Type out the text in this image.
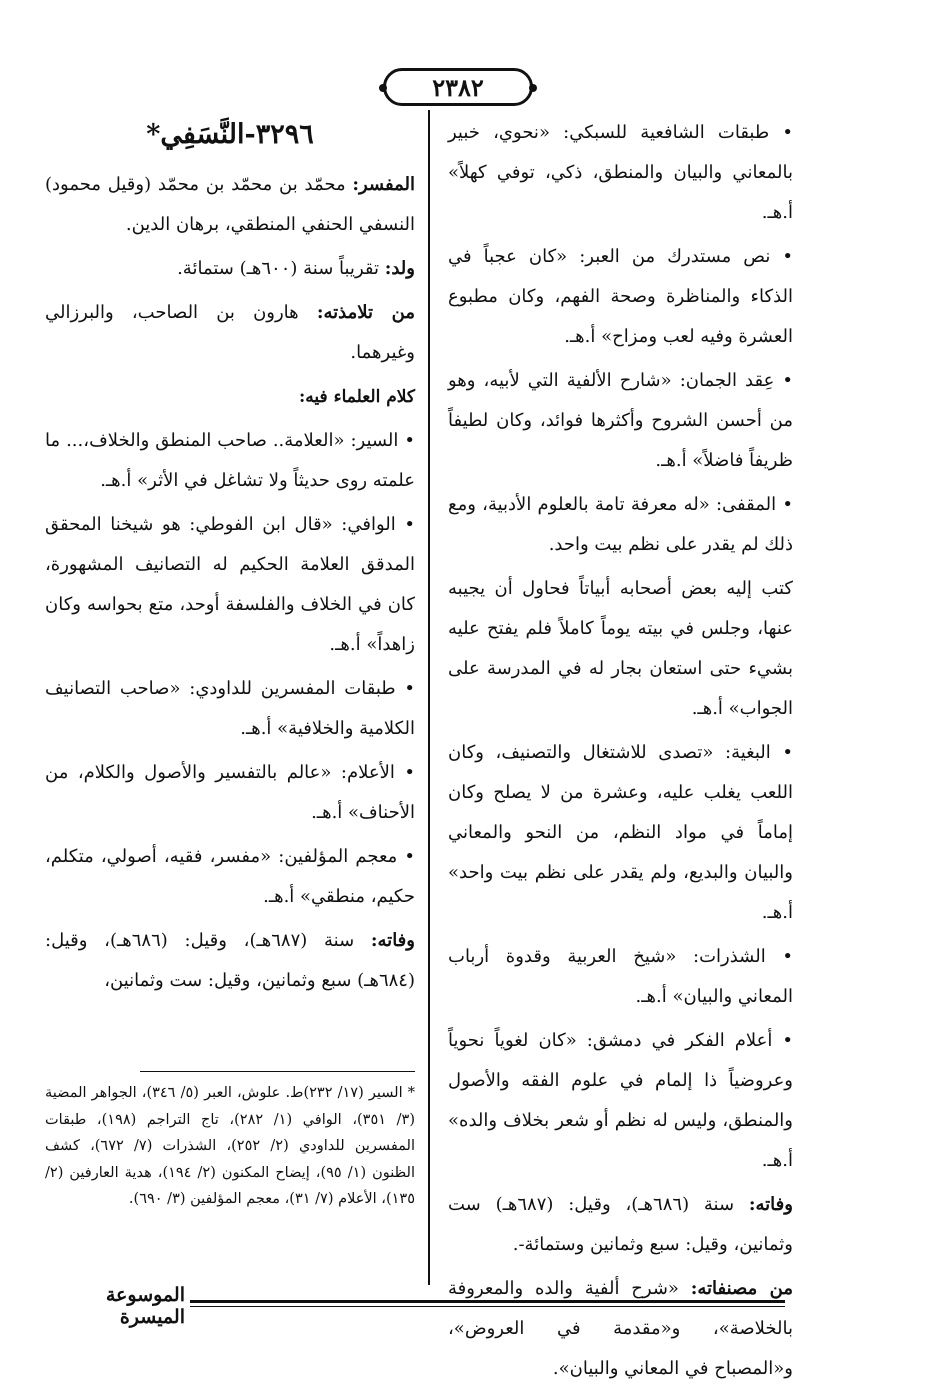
٢٣٨٢

• طبقات الشافعية للسبكي: «نحوي، خبير بالمعاني والبيان والمنطق، ذكي، توفي كهلاً» أ.هـ.

• نص مستدرك من العبر: «كان عجباً في الذكاء والمناظرة وصحة الفهم، وكان مطبوع العشرة وفيه لعب ومزاح» أ.هـ.

• عِقد الجمان: «شارح الألفية التي لأبيه، وهو من أحسن الشروح وأكثرها فوائد، وكان لطيفاً ظريفاً فاضلاً» أ.هـ.

• المقفى: «له معرفة تامة بالعلوم الأدبية، ومع ذلك لم يقدر على نظم بيت واحد.

كتب إليه بعض أصحابه أبياتاً فحاول أن يجيبه عنها، وجلس في بيته يوماً كاملاً فلم يفتح عليه بشيء حتى استعان بجار له في المدرسة على الجواب» أ.هـ.

• البغية: «تصدى للاشتغال والتصنيف، وكان اللعب يغلب عليه، وعشرة من لا يصلح وكان إماماً في مواد النظم، من النحو والمعاني والبيان والبديع، ولم يقدر على نظم بيت واحد» أ.هـ.

• الشذرات: «شيخ العربية وقدوة أرباب المعاني والبيان» أ.هـ.

• أعلام الفكر في دمشق: «كان لغوياً نحوياً وعروضياً ذا إلمام في علوم الفقه والأصول والمنطق، وليس له نظم أو شعر بخلاف والده» أ.هـ.

وفاته: سنة (٦٨٦هـ)، وقيل: (٦٨٧هـ) ست وثمانين، وقيل: سبع وثمانين وستمائة-.

من مصنفاته: «شرح ألفية والده والمعروفة بالخلاصة»، و«مقدمة في العروض»، و«المصباح في المعاني والبيان».

٣٢٩٦-النَّسَفِي*

المفسر: محمّد بن محمّد بن محمّد (وقيل محمود) النسفي الحنفي المنطقي، برهان الدين.

ولد: تقريباً سنة (٦٠٠هـ) ستمائة.

من تلامذته: هارون بن الصاحب، والبرزالي وغيرهما.

كلام العلماء فيه:

• السير: «العلامة.. صاحب المنطق والخلاف،... ما علمته روى حديثاً ولا تشاغل في الأثر» أ.هـ.

• الوافي: «قال ابن الفوطي: هو شيخنا المحقق المدقق العلامة الحكيم له التصانيف المشهورة، كان في الخلاف والفلسفة أوحد، متع بحواسه وكان زاهداً» أ.هـ.

• طبقات المفسرين للداودي: «صاحب التصانيف الكلامية والخلافية» أ.هـ.

• الأعلام: «عالم بالتفسير والأصول والكلام، من الأحناف» أ.هـ.

• معجم المؤلفين: «مفسر، فقيه، أصولي، متكلم، حكيم، منطقي» أ.هـ.

وفاته: سنة (٦٨٧هـ)، وقيل: (٦٨٦هـ)، وقيل: (٦٨٤هـ) سبع وثمانين، وقيل: ست وثمانين،

* السير (١٧/ ٢٣٢)ط. علوش، العبر (٥/ ٣٤٦)، الجواهر المضية (٣/ ٣٥١)، الوافي (١/ ٢٨٢)، تاج التراجم (١٩٨)، طبقات المفسرين للداودي (٢/ ٢٥٢)، الشذرات (٧/ ٦٧٢)، كشف الظنون (١/ ٩٥)، إيضاح المكنون (٢/ ١٩٤)، هدية العارفين (٢/ ١٣٥)، الأعلام (٧/ ٣١)، معجم المؤلفين (٣/ ٦٩٠).
الموسوعة الميسرة
